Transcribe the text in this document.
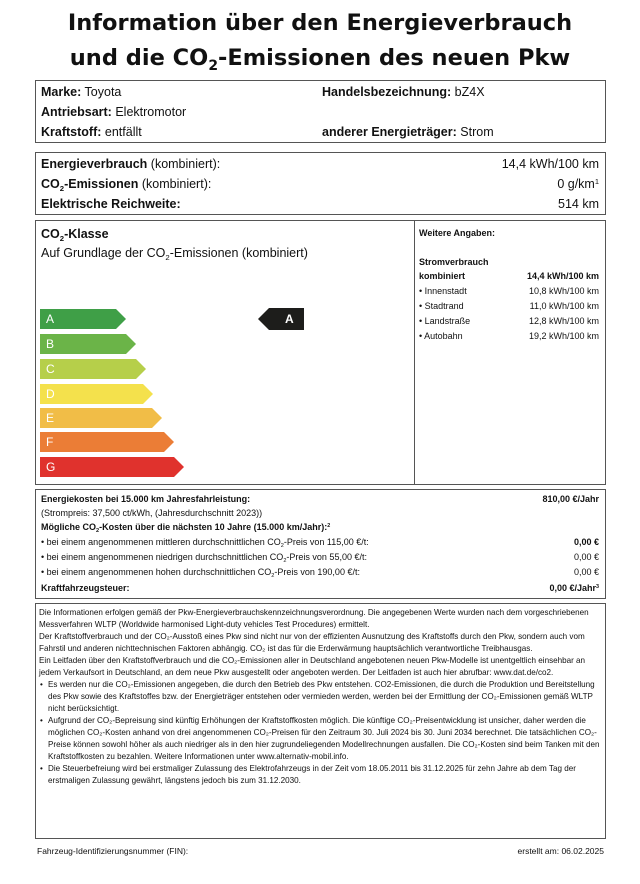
Information über den Energieverbrauch
und die $CO_2$-Emissionen des neuen Pkw
Marke: Toyota	Handelsbezeichnung: bZ4X
Antriebsart: Elektromotor
Kraftstoff: entfällt	anderer Energieträger: Strom
Energieverbrauch (kombiniert):	14,4 kWh/100 km
$CO_2$-Emissionen (kombiniert):	0 $g/km^1$
Elektrische Reichweite:	514 km
$CO_2$-Klasse
Auf Grundlage der $CO_2$-Emissionen (kombiniert)
A
B
C
D
E
F
G
A
Weitere Angaben:
Stromverbrauch
kombiniert	14,4 kWh/100 km
• Innenstadt	10,8 kWh/100 km
• Stadtrand	11,0 kWh/100 km
• Landstraße	12,8 kWh/100 km
• Autobahn	19,2 kWh/100 km
Energiekosten bei 15.000 km Jahresfahrleistung:	810,00 €/Jahr
(Strompreis: 37,500 ct/kWh, (Jahresdurchschnitt 2023))
Mögliche $CO_2$-Kosten über die nächsten 10 Jahre (15.000 km/Jahr):$^2$
• bei einem angenommenen mittleren durchschnittlichen $CO_2$-Preis von 115,00 €/t:	0,00 €
• bei einem angenommenen niedrigen durchschnittlichen $CO_2$-Preis von 55,00 €/t:	0,00 €
• bei einem angenommenen hohen durchschnittlichen $CO_2$-Preis von 190,00 €/t:	0,00 €
Kraftfahrzeugsteuer:	0,00 €/Jahr$^3$

Die Informationen erfolgen gemäß der Pkw-Energieverbrauchskennzeichnungsverordnung. Die angegebenen Werte wurden nach dem vorgeschriebenen Messverfahren WLTP (Worldwide harmonised Light-duty vehicles Test Procedures) ermittelt.

Der Kraftstoffverbrauch und der CO₂-Ausstoß eines Pkw sind nicht nur von der effizienten Ausnutzung des Kraftstoffs durch den Pkw, sondern auch vom Fahrstil und anderen nichttechnischen Faktoren abhängig. CO₂ ist das für die Erderwärmung hauptsächlich verantwortliche Treibhausgas.

Ein Leitfaden über den Kraftstoffverbrauch und die CO₂-Emissionen aller in Deutschland angebotenen neuen Pkw-Modelle ist unentgeltlich einsehbar an jedem Verkaufsort in Deutschland, an dem neue Pkw ausgestellt oder angeboten werden. Der Leitfaden ist auch hier abrufbar: www.dat.de/co2.

• Es werden nur die CO₂-Emissionen angegeben, die durch den Betrieb des Pkw entstehen. CO2-Emissionen, die durch die Produktion und Bereitstellung des Pkw sowie des Kraftstoffes bzw. der Energieträger entstehen oder vermieden werden, werden bei der Ermittlung der CO₂-Emissionen gemäß WLTP nicht berücksichtigt.

• Aufgrund der CO₂-Bepreisung sind künftig Erhöhungen der Kraftstoffkosten möglich. Die künftige CO₂-Preisentwicklung ist unsicher, daher werden die möglichen CO₂-Kosten anhand von drei angenommenen CO₂-Preisen für den Zeitraum 30. Juli 2024 bis 30. Juni 2034 berechnet. Die tatsächlichen CO₂-Preise können sowohl höher als auch niedriger als in den hier zugrundeliegenden Modellrechnungen ausfallen. Die CO₂-Kosten sind beim Tanken mit den Kraftstoffkosten zu bezahlen. Weitere Informationen unter www.alternativ-mobil.info.

• Die Steuerbefreiung wird bei erstmaliger Zulassung des Elektrofahrzeugs in der Zeit vom 18.05.2011 bis 31.12.2025 für zehn Jahre ab dem Tag der erstmaligen Zulassung gewährt, längstens jedoch bis zum 31.12.2030.

Fahrzeug-Identifizierungsnummer (FIN):	erstellt am: 06.02.2025
